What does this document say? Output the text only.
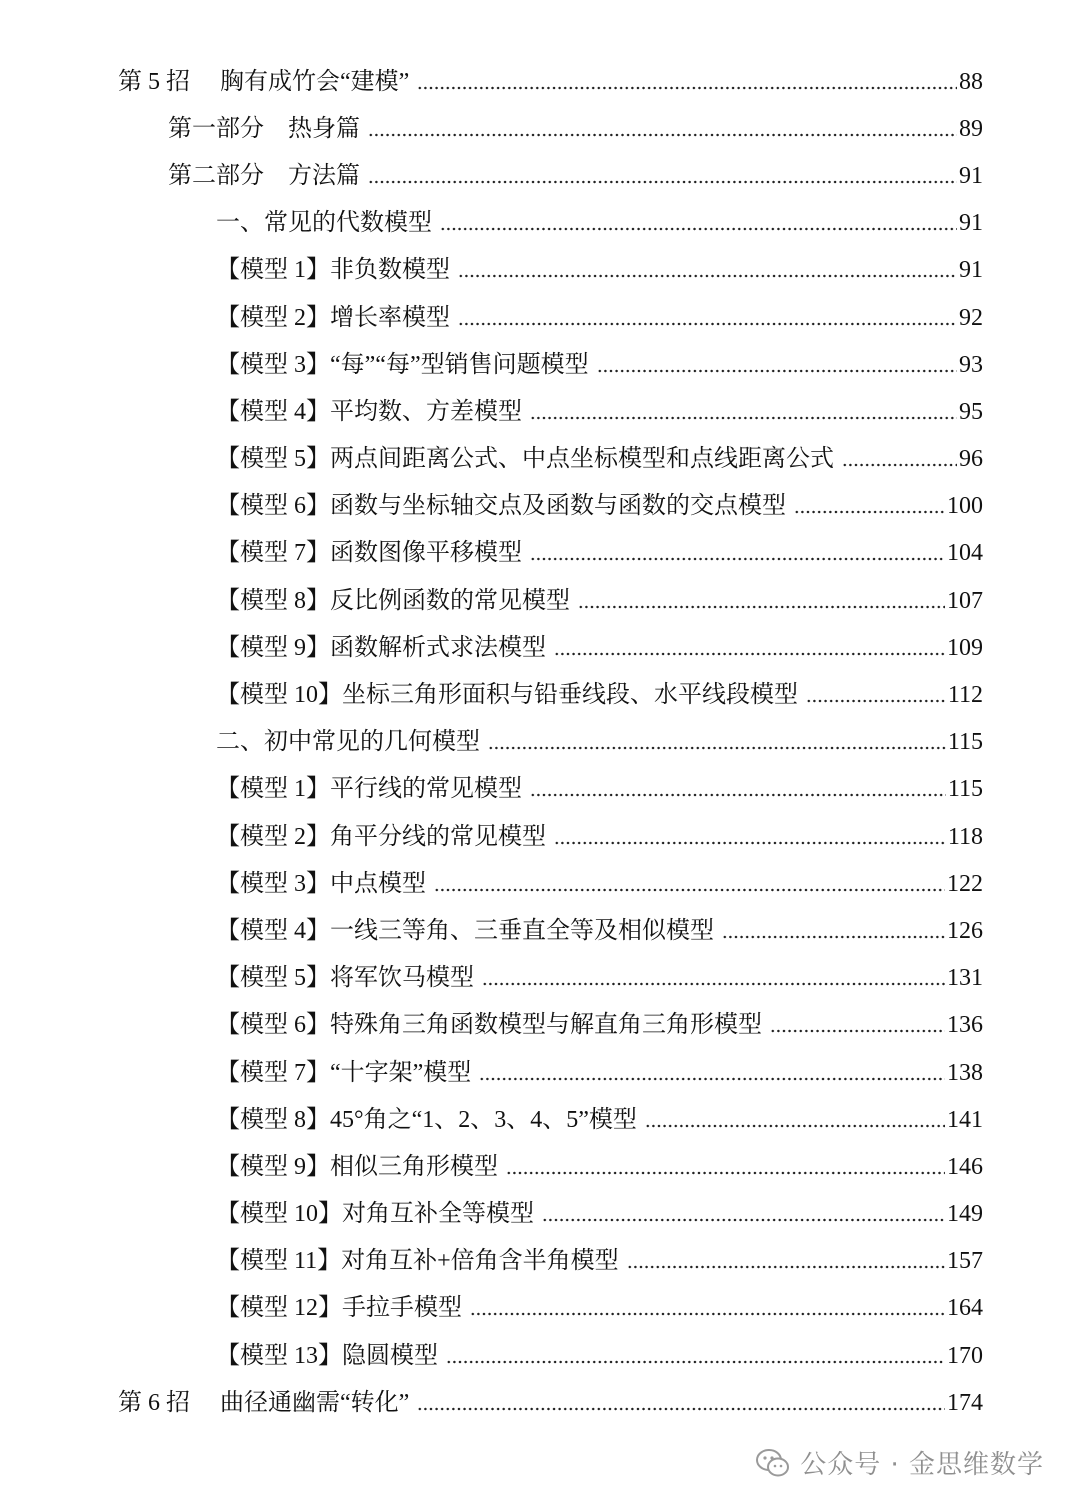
第 5 招　 胸有成竹会“建模”	88
第一部分　热身篇	89
第二部分　方法篇	91
一、常见的代数模型	91
【模型 1】非负数模型	91
【模型 2】增长率模型	92
【模型 3】“每”“每”型销售问题模型	93
【模型 4】平均数、方差模型	95
【模型 5】两点间距离公式、中点坐标模型和点线距离公式	96
【模型 6】函数与坐标轴交点及函数与函数的交点模型	100
【模型 7】函数图像平移模型	104
【模型 8】反比例函数的常见模型	107
【模型 9】函数解析式求法模型	109
【模型 10】坐标三角形面积与铅垂线段、水平线段模型	112
二、初中常见的几何模型	115
【模型 1】平行线的常见模型	115
【模型 2】角平分线的常见模型	118
【模型 3】中点模型	122
【模型 4】一线三等角、三垂直全等及相似模型	126
【模型 5】将军饮马模型	131
【模型 6】特殊角三角函数模型与解直角三角形模型	136
【模型 7】“十字架”模型	138
【模型 8】45°角之“1、2、3、4、5”模型	141
【模型 9】相似三角形模型	146
【模型 10】对角互补全等模型	149
【模型 11】对角互补+倍角含半角模型	157
【模型 12】手拉手模型	164
【模型 13】隐圆模型	170
第 6 招　 曲径通幽需“转化”	174
公众号 · 金思维数学
